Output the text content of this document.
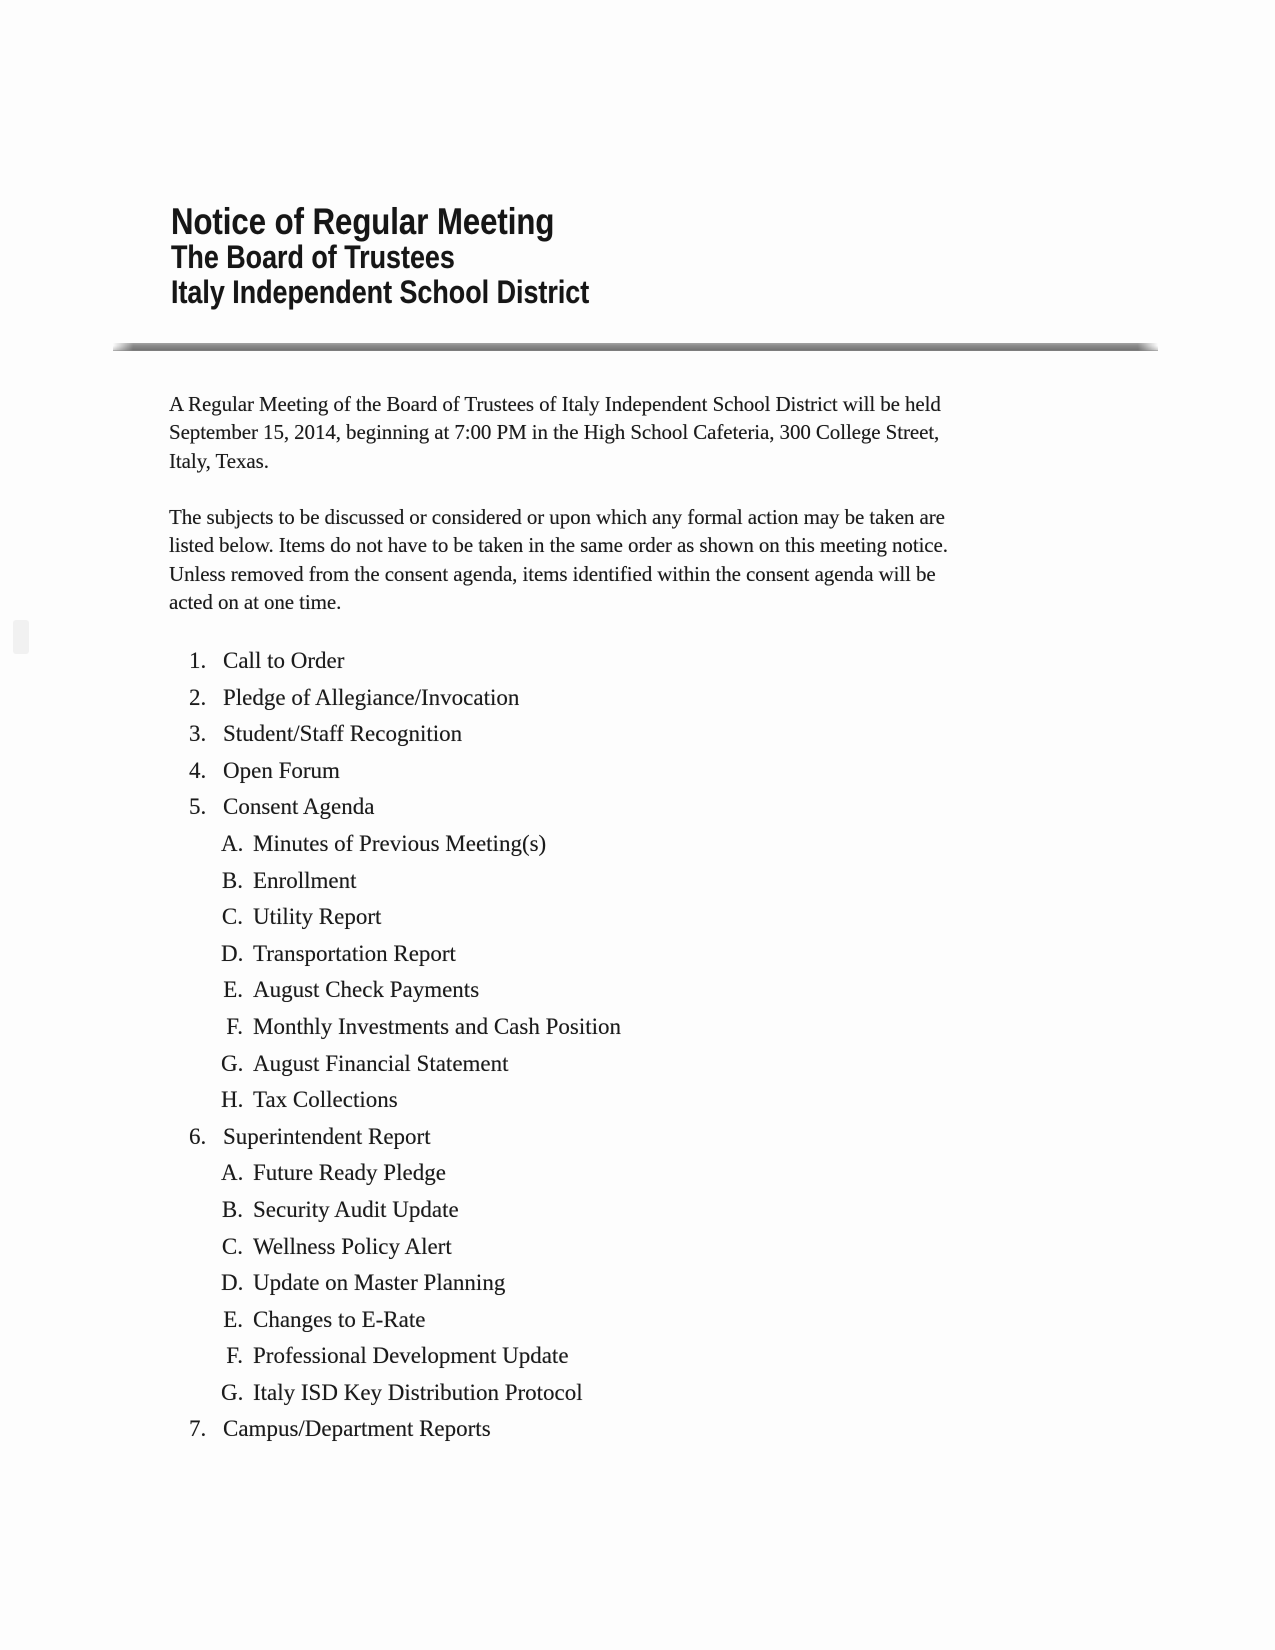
Notice of Regular Meeting
The Board of Trustees
Italy Independent School District
A Regular Meeting of the Board of Trustees of Italy Independent School District will be held
September 15, 2014, beginning at 7:00 PM in the High School Cafeteria, 300 College Street,
Italy, Texas.
The subjects to be discussed or considered or upon which any formal action may be taken are
listed below. Items do not have to be taken in the same order as shown on this meeting notice.
Unless removed from the consent agenda, items identified within the consent agenda will be
acted on at one time.
1. Call to Order
2. Pledge of Allegiance/Invocation
3. Student/Staff Recognition
4. Open Forum
5. Consent Agenda
A. Minutes of Previous Meeting(s)
B. Enrollment
C. Utility Report
D. Transportation Report
E. August Check Payments
F. Monthly Investments and Cash Position
G. August Financial Statement
H. Tax Collections
6. Superintendent Report
A. Future Ready Pledge
B. Security Audit Update
C. Wellness Policy Alert
D. Update on Master Planning
E. Changes to E-Rate
F. Professional Development Update
G. Italy ISD Key Distribution Protocol
7. Campus/Department Reports
